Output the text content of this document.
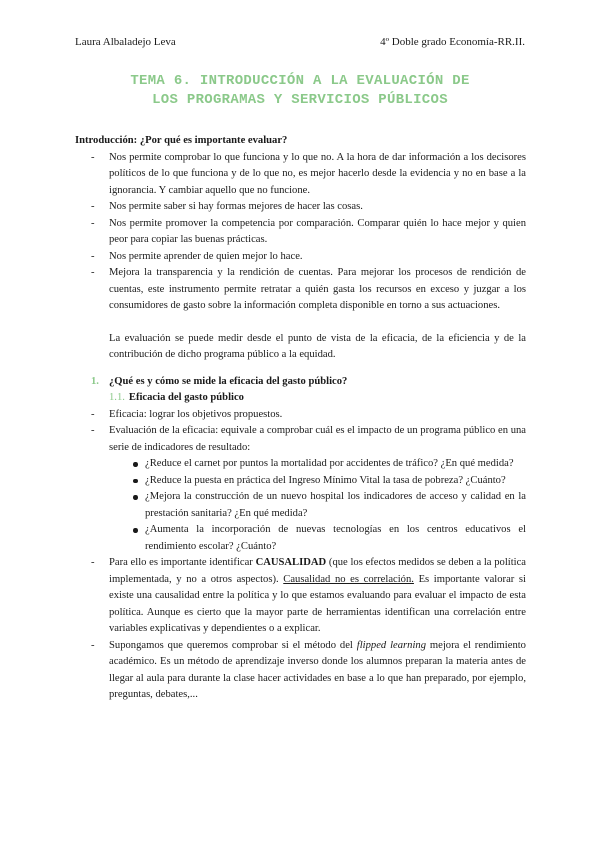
Laura Albaladejo Leva	4º Doble grado Economía-RR.II.
TEMA 6. INTRODUCCIÓN A LA EVALUACIÓN DE
LOS PROGRAMAS Y SERVICIOS PÚBLICOS

Introducción: ¿Por qué es importante evaluar?

- Nos permite comprobar lo que funciona y lo que no. A la hora de dar información a los decisores políticos de lo que funciona y de lo que no, es mejor hacerlo desde la evidencia y no en base a la ignorancia. Y cambiar aquello que no funcione.
- Nos permite saber si hay formas mejores de hacer las cosas.
- Nos permite promover la competencia por comparación. Comparar quién lo hace mejor y quien peor para copiar las buenas prácticas.
- Nos permite aprender de quien mejor lo hace.
- Mejora la transparencia y la rendición de cuentas. Para mejorar los procesos de rendición de cuentas, este instrumento permite retratar a quién gasta los recursos en exceso y juzgar a los consumidores de gasto sobre la información completa disponible en torno a sus actuaciones.

La evaluación se puede medir desde el punto de vista de la eficacia, de la eficiencia y de la contribución de dicho programa público a la equidad.

1. ¿Qué es y cómo se mide la eficacia del gasto público?
1.1. Eficacia del gasto público
- Eficacia: lograr los objetivos propuestos.
- Evaluación de la eficacia: equivale a comprobar cuál es el impacto de un programa público en una serie de indicadores de resultado:
¿Reduce el carnet por puntos la mortalidad por accidentes de tráfico? ¿En qué medida?
¿Reduce la puesta en práctica del Ingreso Mínimo Vital la tasa de pobreza? ¿Cuánto?
¿Mejora la construcción de un nuevo hospital los indicadores de acceso y calidad en la prestación sanitaria? ¿En qué medida?
¿Aumenta la incorporación de nuevas tecnologías en los centros educativos el rendimiento escolar? ¿Cuánto?
- Para ello es importante identificar CAUSALIDAD (que los efectos medidos se deben a la política implementada, y no a otros aspectos). Causalidad no es correlación. Es importante valorar si existe una causalidad entre la política y lo que estamos evaluando para evaluar el impacto de esta política. Aunque es cierto que la mayor parte de herramientas identifican una correlación entre variables explicativas y dependientes o a explicar.
- Supongamos que queremos comprobar si el método del flipped learning mejora el rendimiento académico. Es un método de aprendizaje inverso donde los alumnos preparan la materia antes de llegar al aula para durante la clase hacer actividades en base a lo que han preparado, por ejemplo, preguntas, debates,...
